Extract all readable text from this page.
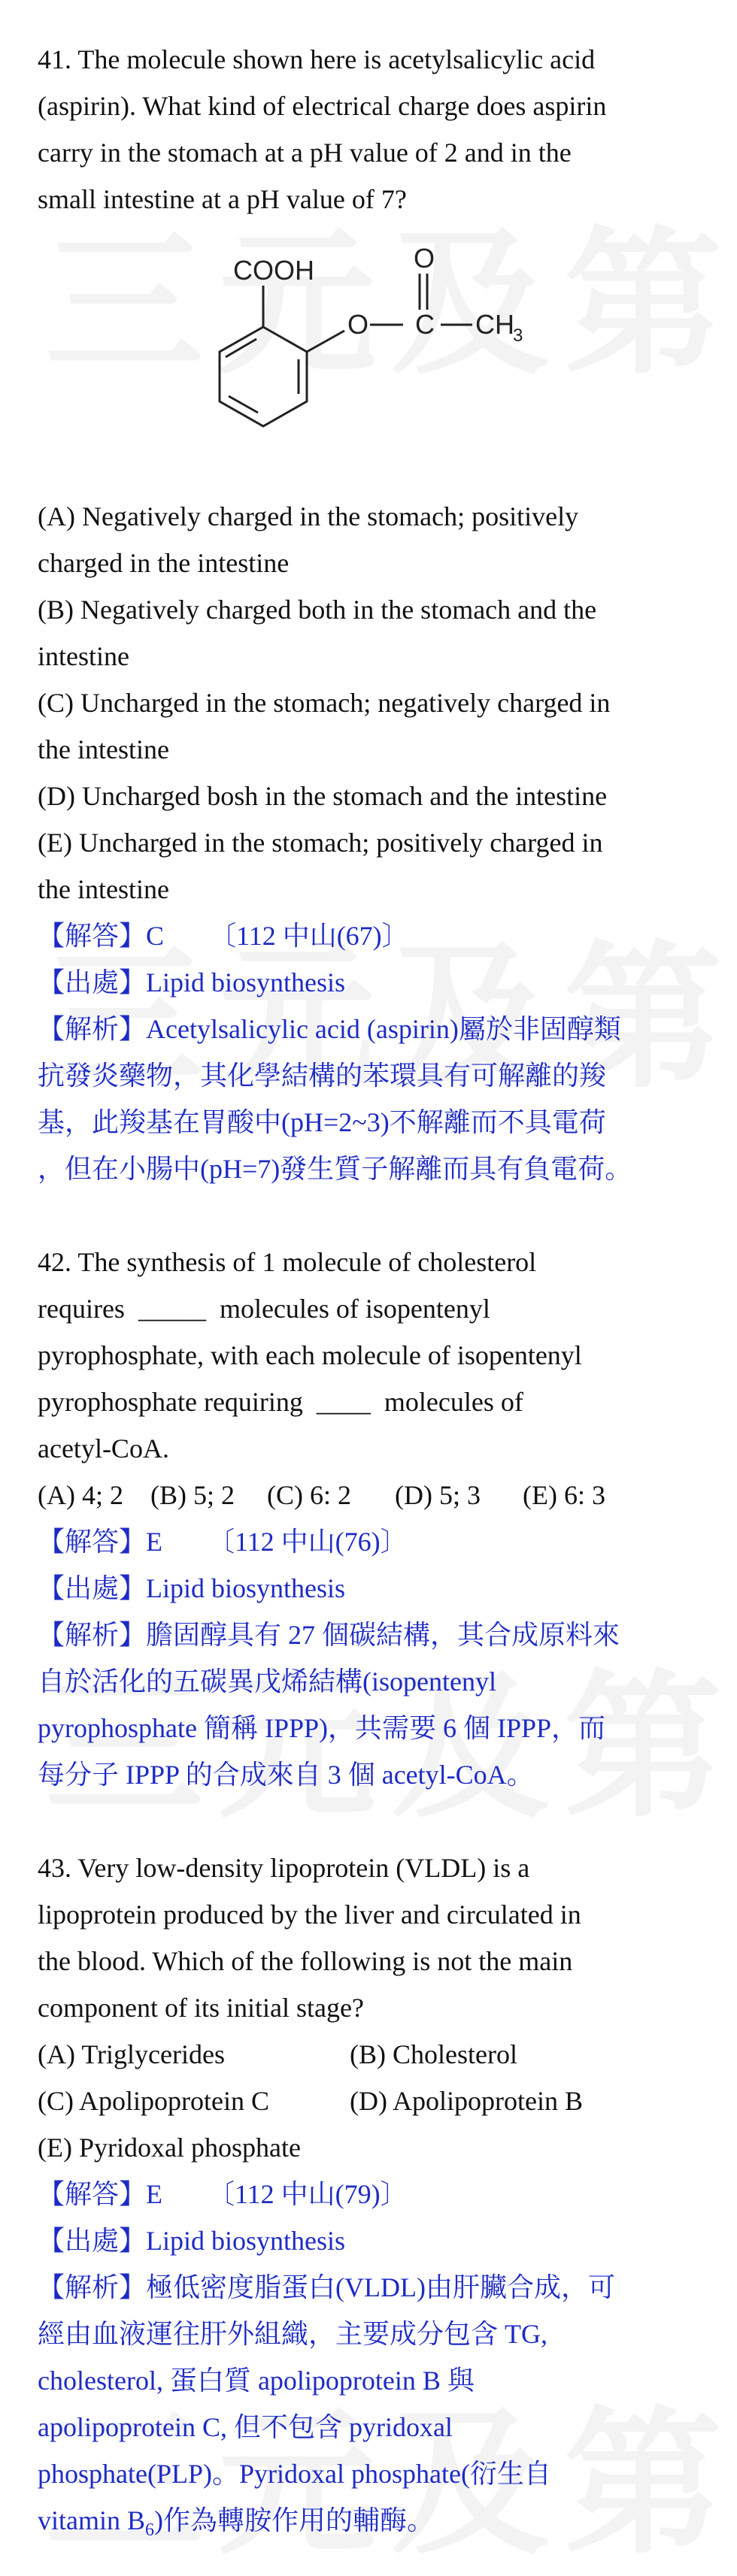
41. The molecule shown here is acetylsalicylic acid
(aspirin). What kind of electrical charge does aspirin
carry in the stomach at a pH value of 2 and in the
small intestine at a pH value of 7?
COOH
O C
O
CH
3
(A) Negatively charged in the stomach; positively
charged in the intestine
(B) Negatively charged both in the stomach and the
intestine
(C) Uncharged in the stomach; negatively charged in
the intestine
(D) Uncharged bosh in the stomach and the intestine
(E) Uncharged in the stomach; positively charged in
the intestine
【解答】C 〔112 中山(67)〕
【出處】Lipid biosynthesis
【解析】Acetylsalicylic acid (aspirin)屬於非固醇類
抗發炎藥物，其化學結構的苯環具有可解離的羧
基，此羧基在胃酸中(pH=2~3)不解離而不具電荷
，但在小腸中(pH=7)發生質子解離而具有負電荷。
42. The synthesis of 1 molecule of cholesterol
requires  _____  molecules of isopentenyl
pyrophosphate, with each molecule of isopentenyl
pyrophosphate requiring  ____  molecules of
acetyl-CoA.
(A) 4; 2 (B) 5; 2 (C) 6: 2 (D) 5; 3 (E) 6: 3
【解答】E 〔112 中山(76)〕
【出處】Lipid biosynthesis
【解析】膽固醇具有 27 個碳結構，其合成原料來
自於活化的五碳異戊烯結構(isopentenyl
pyrophosphate 簡稱 IPPP)，共需要 6 個 IPPP，而
每分子 IPPP 的合成來自 3 個 acetyl-CoA。
43. Very low-density lipoprotein (VLDL) is a
lipoprotein produced by the liver and circulated in
the blood. Which of the following is not the main
component of its initial stage?
(A) Triglycerides	(B) Cholesterol
(C) Apolipoprotein C	(D) Apolipoprotein B
(E) Pyridoxal phosphate
【解答】E 〔112 中山(79)〕
【出處】Lipid biosynthesis
【解析】極低密度脂蛋白(VLDL)由肝臟合成，可
經由血液運往肝外組織，主要成分包含 TG,
cholesterol, 蛋白質 apolipoprotein B 與
apolipoprotein C, 但不包含 pyridoxal
phosphate(PLP)。Pyridoxal phosphate(衍生自
vitamin $B_6$)作為轉胺作用的輔酶。
